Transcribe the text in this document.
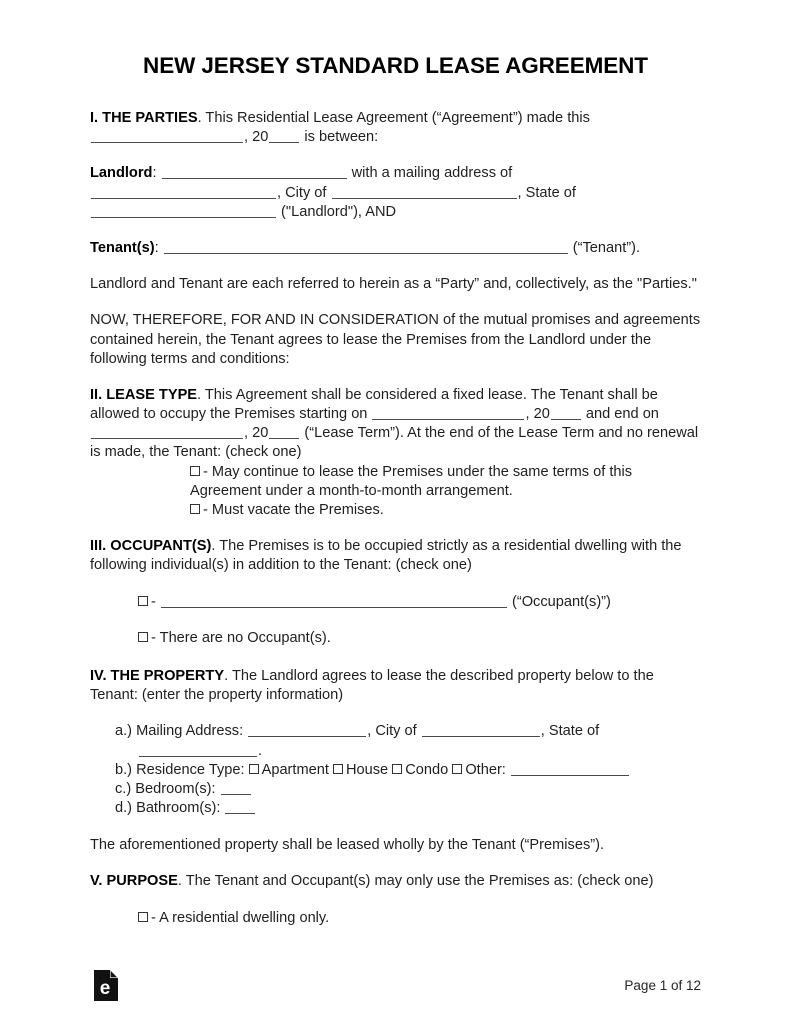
NEW JERSEY STANDARD LEASE AGREEMENT

I. THE PARTIES. This Residential Lease Agreement (“Agreement”) made this
, 20 is between:

Landlord:	with a mailing address of
, City of	, State of
("Landlord"), AND

Tenant(s):	(“Tenant”).

Landlord and Tenant are each referred to herein as a “Party” and, collectively, as the "Parties."

NOW, THEREFORE, FOR AND IN CONSIDERATION of the mutual promises and agreements contained herein, the Tenant agrees to lease the Premises from the Landlord under the following terms and conditions:

II. LEASE TYPE. This Agreement shall be considered a fixed lease. The Tenant shall be allowed to occupy the Premises starting on	, 20 and end on
, 20 (“Lease Term”). At the end of the Lease Term and no renewal is made, the Tenant: (check one)

- May continue to lease the Premises under the same terms of this Agreement under a month-to-month arrangement.
- Must vacate the Premises.

III. OCCUPANT(S). The Premises is to be occupied strictly as a residential dwelling with the following individual(s) in addition to the Tenant: (check one)

-	(“Occupant(s)”)
- There are no Occupant(s).

IV. THE PROPERTY. The Landlord agrees to lease the described property below to the Tenant: (enter the property information)

a.) Mailing Address:	, City of	, State of
.
b.) Residence Type: Apartment House Condo Other:
c.) Bedroom(s):
d.) Bathroom(s):

The aforementioned property shall be leased wholly by the Tenant (“Premises”).

V. PURPOSE. The Tenant and Occupant(s) may only use the Premises as: (check one)

- A residential dwelling only.
e	Page 1 of 12
